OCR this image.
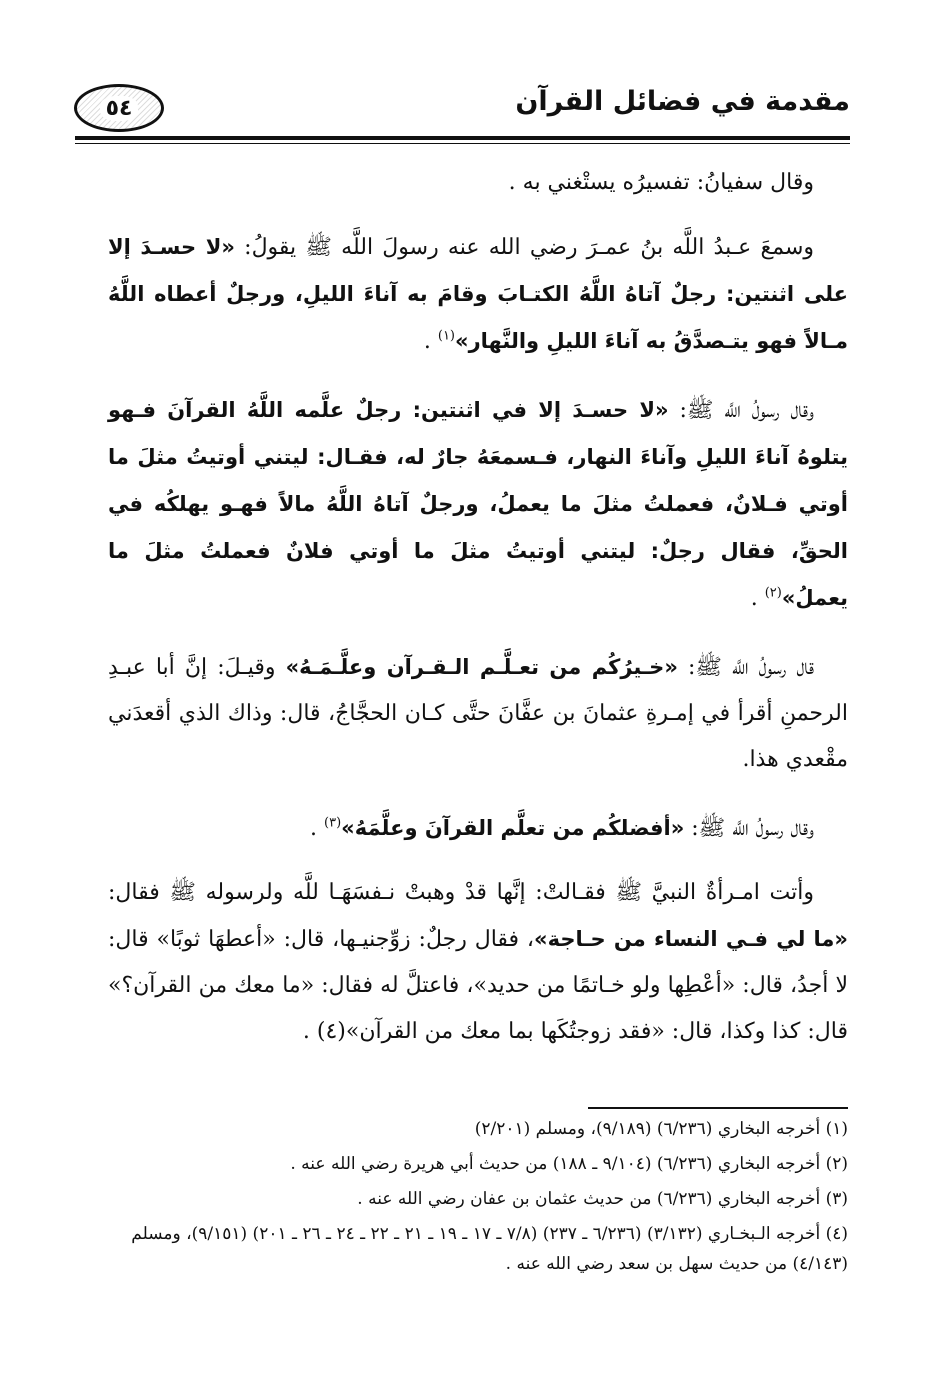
٥٤	مقدمة في فضائل القرآن

وقال سفيانُ: تفسيرُه يستْغني به .

وسمعَ عـبدُ اللَّه بنُ عمـرَ رضي الله عنه رسولَ اللَّه ﷺ يقولُ: «لا حسـدَ إلا على اثنتين: رجلٌ آتاهُ اللَّهُ الكتـابَ وقامَ به آناءَ الليلِ، ورجلٌ أعطاه اللَّهُ مـالاً فهو يتـصدَّقُ به آناءَ الليلِ والنَّهار»$^{(١)}$ .

وقال رسولُ اللَّه ﷺ: «لا حسـدَ إلا في اثنتين: رجلٌ علَّمه اللَّهُ القرآنَ فـهو يتلوهُ آناءَ الليلِ وآناءَ النهار، فـسمعَهُ جارٌ له، فقـال: ليتني أوتيتُ مثلَ ما أوتي فـلانٌ، فعملتُ مثلَ ما يعملُ، ورجلٌ آتاهُ اللَّهُ مالاً فهـو يهلكُه في الحقِّ، فقال رجلٌ: ليتني أوتيتُ مثلَ ما أوتي فلانٌ فعملتُ مثلَ ما يعملُ»$^{(٢)}$ .

قال رسولُ اللَّه ﷺ: «خـيرُكُم من تعـلَّـم الـقـرآن وعلَّـمَـهُ» وقيـلَ: إنَّ أبا عبـدِ الرحمنِ أقرأ في إمـرةِ عثمانَ بن عفَّانَ حتَّى كـان الحجَّاجُ، قال: وذاك الذي أقعدَني مقْعدي هذا.

وقال رسولُ اللَّه ﷺ: «أفضلكُم من تعلَّم القرآنَ وعلَّمَهُ»$^{(٣)}$ .

وأتت امـرأةٌ النبيَّ ﷺ فقـالتْ: إنَّها قدْ وهبتْ نـفسَهَـا للَّه ولرسوله ﷺ فقال: «ما لي فـي النساء من حـاجة»، فقال رجلٌ: زوِّجنيـها، قال: «أعطهَا ثوبًا» قال: لا أجدُ، قال: «أعْطِها ولو خـاتمًا من حديد»، فاعتلَّ له فقال: «ما معك من القرآن؟» قال: كذا وكذا، قال: «فقد زوجتُكَها بما معك من القرآن»(٤) .

(١) أخرجه البخاري (٦/٢٣٦) (٩/١٨٩)، ومسلم (٢/٢٠١)
(٢) أخرجه البخاري (٦/٢٣٦) (٩/١٠٤ ـ ١٨٨) من حديث أبي هريرة رضي الله عنه .
(٣) أخرجه البخاري (٦/٢٣٦) من حديث عثمان بن عفان رضي الله عنه .
(٤) أخرجه الـبخـاري (٣/١٣٢) (٦/٢٣٦ ـ ٢٣٧) (٧/٨ ـ ١٧ ـ ١٩ ـ ٢١ ـ ٢٢ ـ ٢٤ ـ ٢٦ ـ ٢٠١) (٩/١٥١)، ومسلم (٤/١٤٣) من حديث سهل بن سعد رضي الله عنه .
